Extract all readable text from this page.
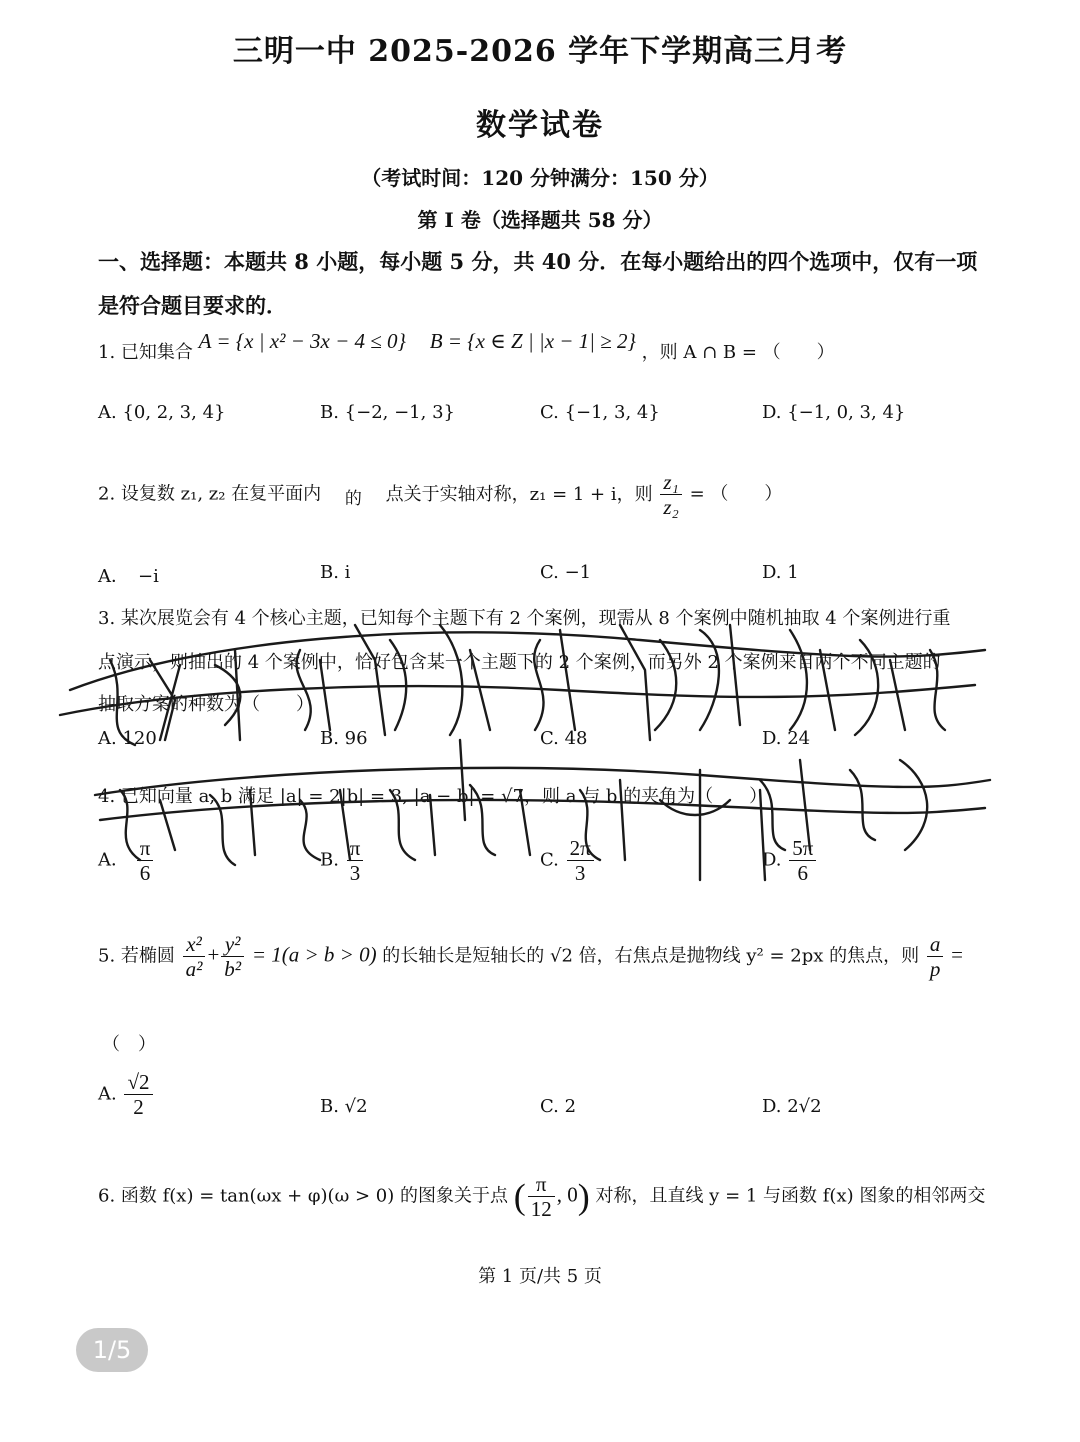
三明一中 2025-2026 学年下学期高三月考
数学试卷
（考试时间：120 分钟满分：150 分）
第 I 卷（选择题共 58 分）
一、选择题：本题共 8 小题，每小题 5 分，共 40 分．在每小题给出的四个选项中，仅有一项
是符合题目要求的．
1. 已知集合 A = {x | x² − 3x − 4 ≤ 0} B = {x ∈ Z | |x − 1| ≥ 2} ，则 A ∩ B = （　　）
A. {0, 2, 3, 4}	B. {−2, −1, 3}	C. {−1, 3, 4}	D. {−1, 0, 3, 4}
2. 设复数 z₁, z₂ 在复平面内 的 点关于实轴对称，z₁ = 1 + i，则 $\frac{\text{z₁}}{\text{z₂}}$ = （　　）
A．　−i	B. i	C. −1	D. 1
3. 某次展览会有 4 个核心主题，已知每个主题下有 2 个案例，现需从 8 个案例中随机抽取 4 个案例进行重
点演示，则抽出的 4 个案例中，恰好包含某一个主题下的 2 个案例，而另外 2 个案例来自两个不同主题的
抽取方案的种数为（　　）
A. 120	B. 96	C. 48	D. 24
4. 已知向量 a, b 满足 |a| = 2|b| = 3, |a − b| = √7，则 a 与 b 的夹角为（　　）
A． $\frac{\pi}{6}$	B. $\frac{\pi}{3}$	C. $\frac{2\pi}{3}$	D. $\frac{5\pi}{6}$
5. 若椭圆 $\frac{\text{x²}}{\text{a²}} + \frac{\text{y²}}{\text{b²}} = 1(a > b > 0)$ 的长轴长是短轴长的 √2 倍，右焦点是抛物线 y² = 2px 的焦点，则 $\frac{a}{p}$ =
（　）
A. $\frac{√2}{2}$	B. √2	C. 2	D. 2√2
6. 函数 f(x) = tan(ωx + φ)(ω > 0) 的图象关于点 ( $\frac{\pi}{12}$ , 0) 对称，且直线 y = 1 与函数 f(x) 图象的相邻两交
第 1 页/共 5 页
1/5
